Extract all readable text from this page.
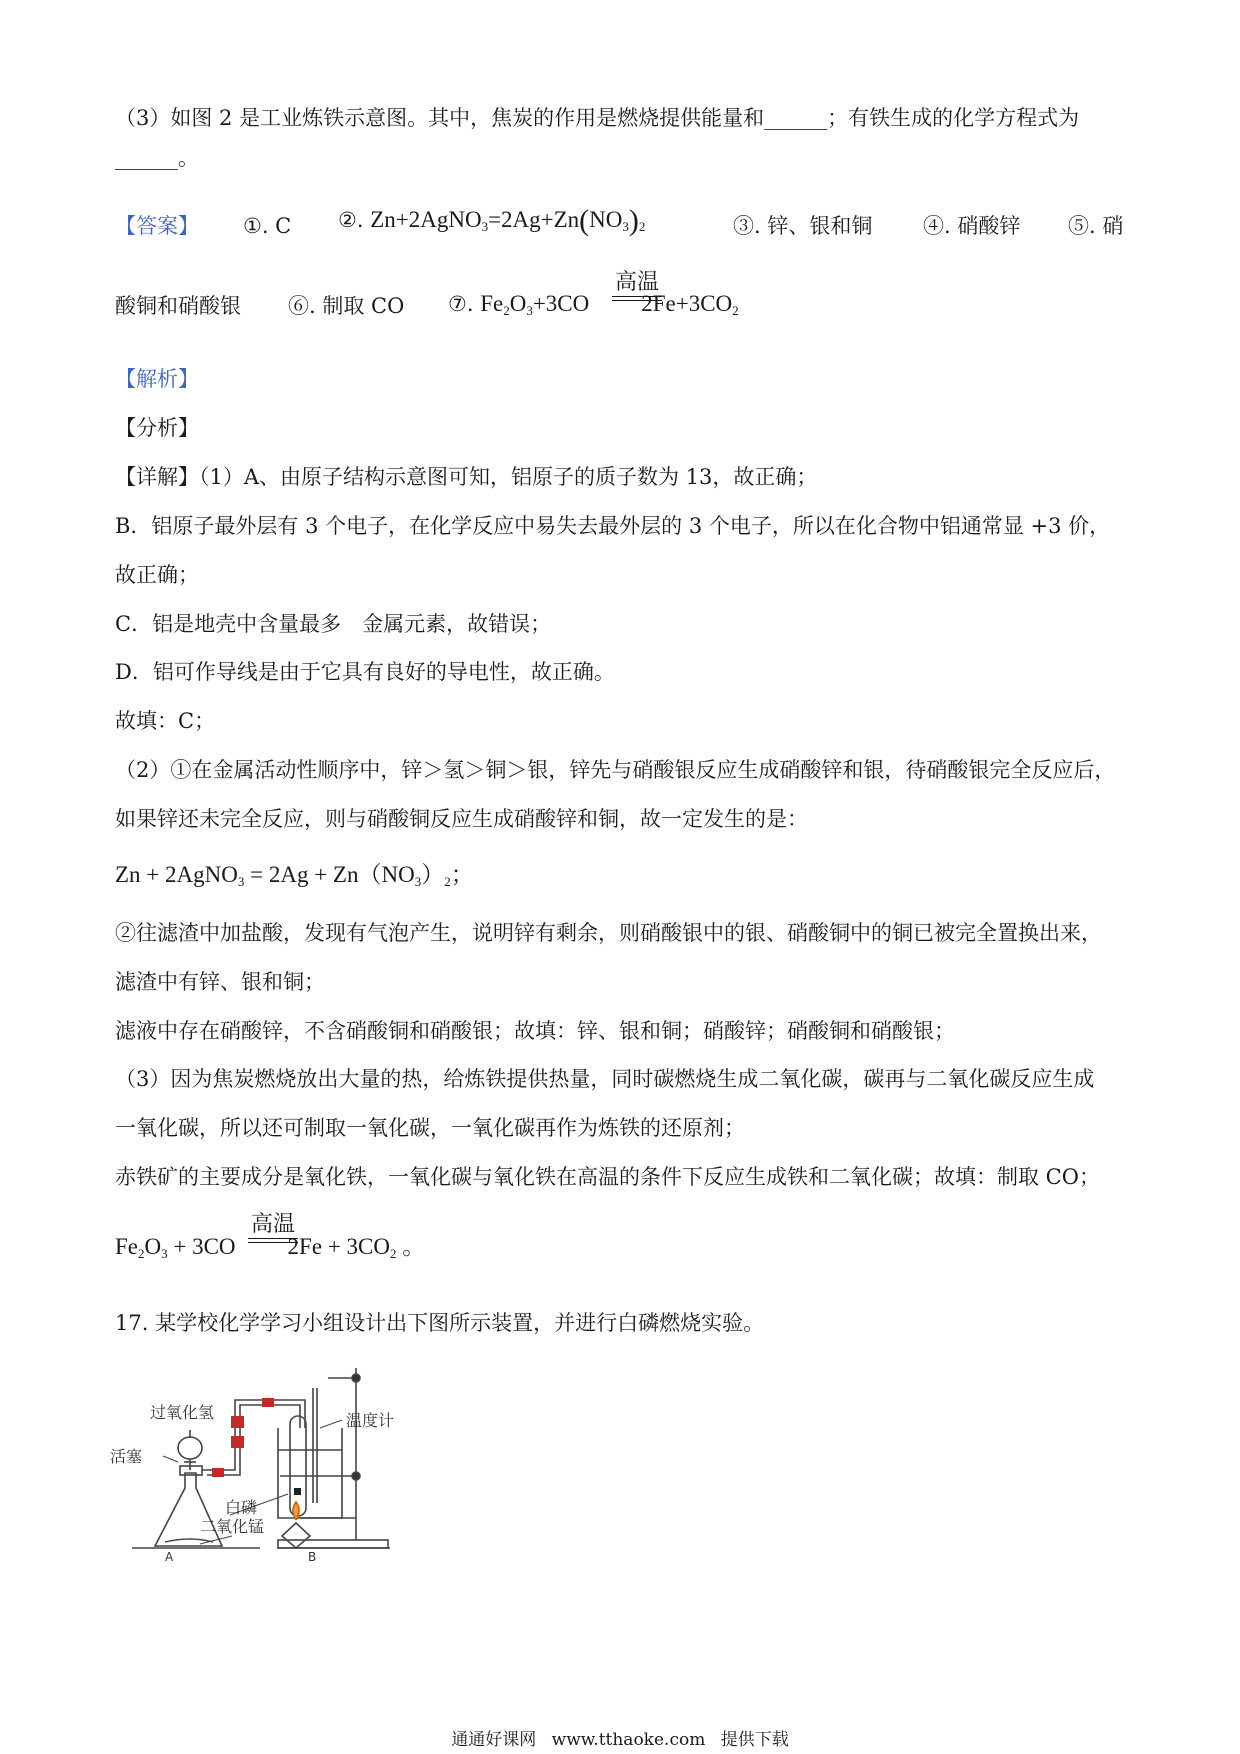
（3）如图 2 是工业炼铁示意图。其中，焦炭的作用是燃烧提供能量和______；有铁生成的化学方程式为
______。
【答案】 ①. C ②. $Zn+2AgNO_3=2Ag+Zn(NO_3)_2$	③. 锌、银和铜 ④. 硝酸锌 ⑤. 硝
酸铜和硝酸银 ⑥. 制取 CO ⑦. $Fe_2O_3+3CO$ $2Fe+3CO_2$
高温
【解析】
【分析】
【详解】（1）A、由原子结构示意图可知，铝原子的质子数为 13，故正确；
B．铝原子最外层有 3 个电子，在化学反应中易失去最外层的 3 个电子，所以在化合物中铝通常显 +3 价，
故正确；
C．铝是地壳中含量最多　金属元素，故错误；
D．铝可作导线是由于它具有良好的导电性，故正确。
故填：C；
（2）①在金属活动性顺序中，锌＞氢＞铜＞银，锌先与硝酸银反应生成硝酸锌和银，待硝酸银完全反应后，
如果锌还未完全反应，则与硝酸铜反应生成硝酸锌和铜，故一定发生的是：
Zn + 2AgNO$_3$ = $2Ag + Zn(NO_3)_2$；
②往滤渣中加盐酸，发现有气泡产生，说明锌有剩余，则硝酸银中的银、硝酸铜中的铜已被完全置换出来，
滤渣中有锌、银和铜；
滤液中存在硝酸锌，不含硝酸铜和硝酸银；故填：锌、银和铜；硝酸锌；硝酸铜和硝酸银；
（3）因为焦炭燃烧放出大量的热，给炼铁提供热量，同时碳燃烧生成二氧化碳，碳再与二氧化碳反应生成
一氧化碳，所以还可制取一氧化碳，一氧化碳再作为炼铁的还原剂；
赤铁矿的主要成分是氧化铁，一氧化碳与氧化铁在高温的条件下反应生成铁和二氧化碳；故填：制取 CO；
$Fe_2O_3 + 3CO$ $2Fe + 3CO_2$ 。
高温
17. 某学校化学学习小组设计出下图所示装置，并进行白磷燃烧实验。
过氧化氢
活塞
二氧化锰
A
温度计
白磷
B
通通好课网 www.tthaoke.com 提供下载
